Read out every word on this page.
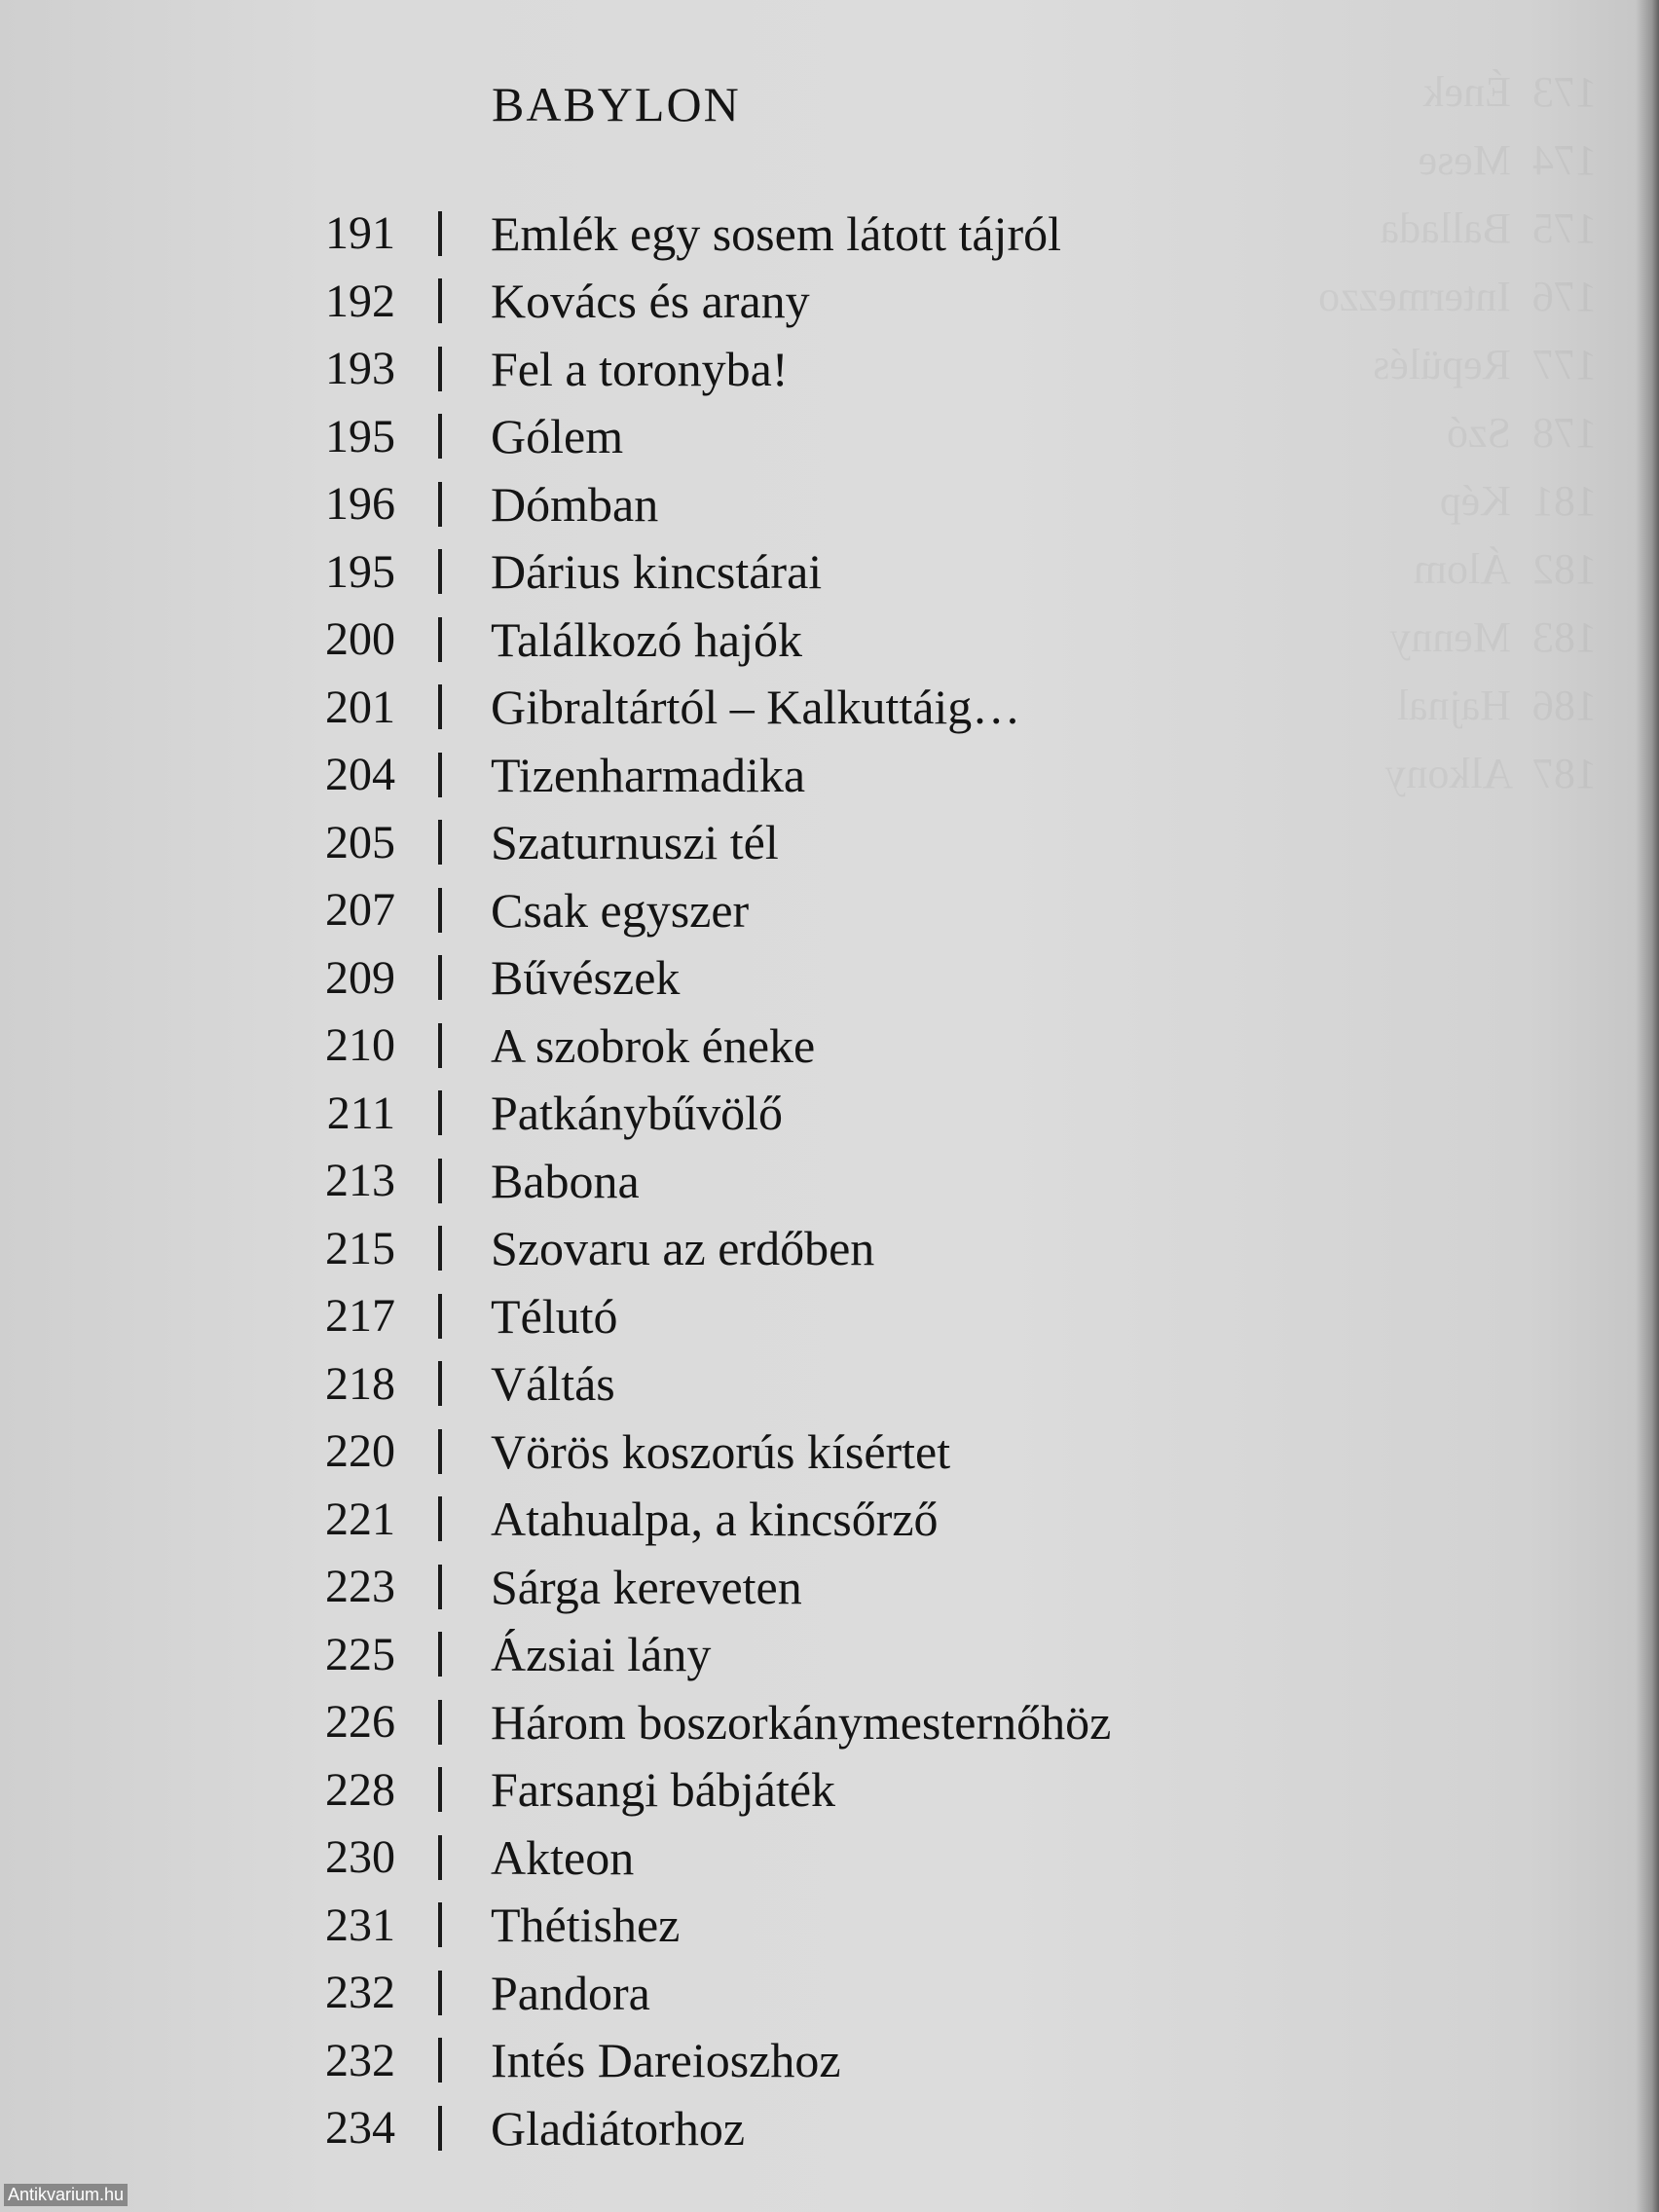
BABYLON
191 Emlék egy sosem látott tájról
192 Kovács és arany
193 Fel a toronyba!
195 Gólem
196 Dómban
195 Dárius kincstárai
200 Találkozó hajók
201 Gibraltártól – Kalkuttáig…
204 Tizenharmadika
205 Szaturnuszi tél
207 Csak egyszer
209 Bűvészek
210 A szobrok éneke
211 Patkánybűvölő
213 Babona
215 Szovaru az erdőben
217 Télutó
218 Váltás
220 Vörös koszorús kísértet
221 Atahualpa, a kincsőrző
223 Sárga kereveten
225 Ázsiai lány
226 Három boszorkánymesternőhöz
228 Farsangi bábjáték
230 Akteon
231 Thétishez
232 Pandora
232 Intés Dareioszhoz
234 Gladiátorhoz
Antikvarium.hu
